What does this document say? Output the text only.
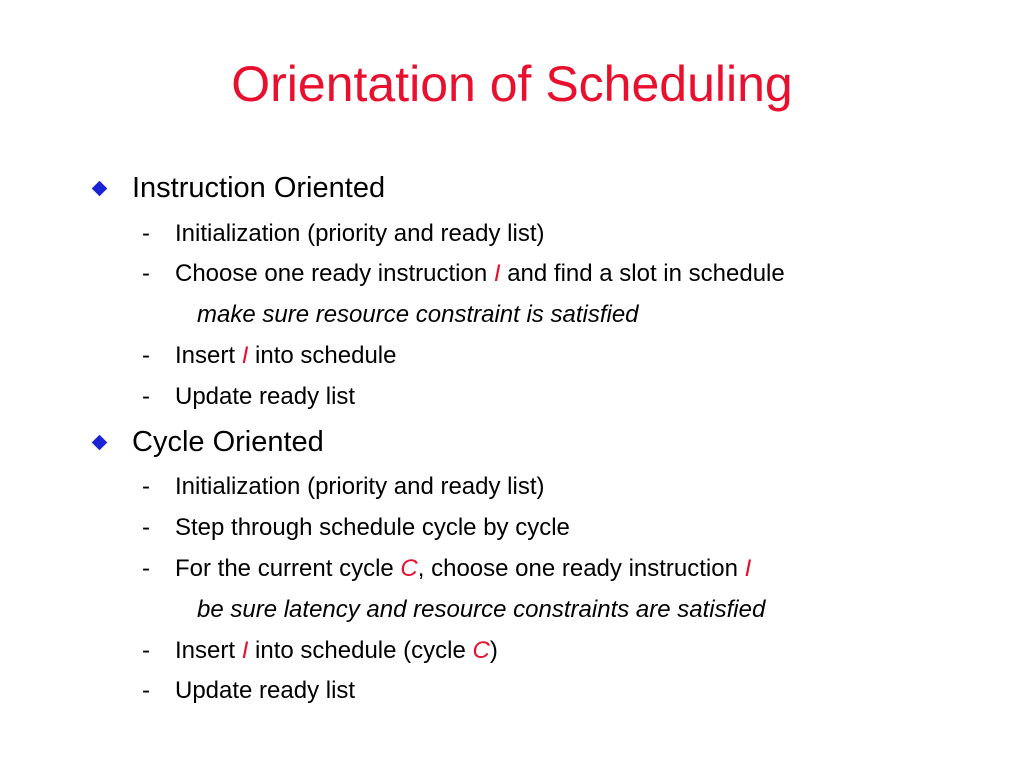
Orientation of Scheduling
Instruction Oriented
-	Initialization (priority and ready list)
-	Choose one ready instruction I and find a slot in schedule
make sure resource constraint is satisfied
-	Insert I into schedule
-	Update ready list
Cycle Oriented
-	Initialization (priority and ready list)
-	Step through schedule cycle by cycle
-	For the current cycle C , choose one ready instruction I
be sure latency and resource constraints are satisfied
-	Insert I into schedule (cycle C )
-	Update ready list
